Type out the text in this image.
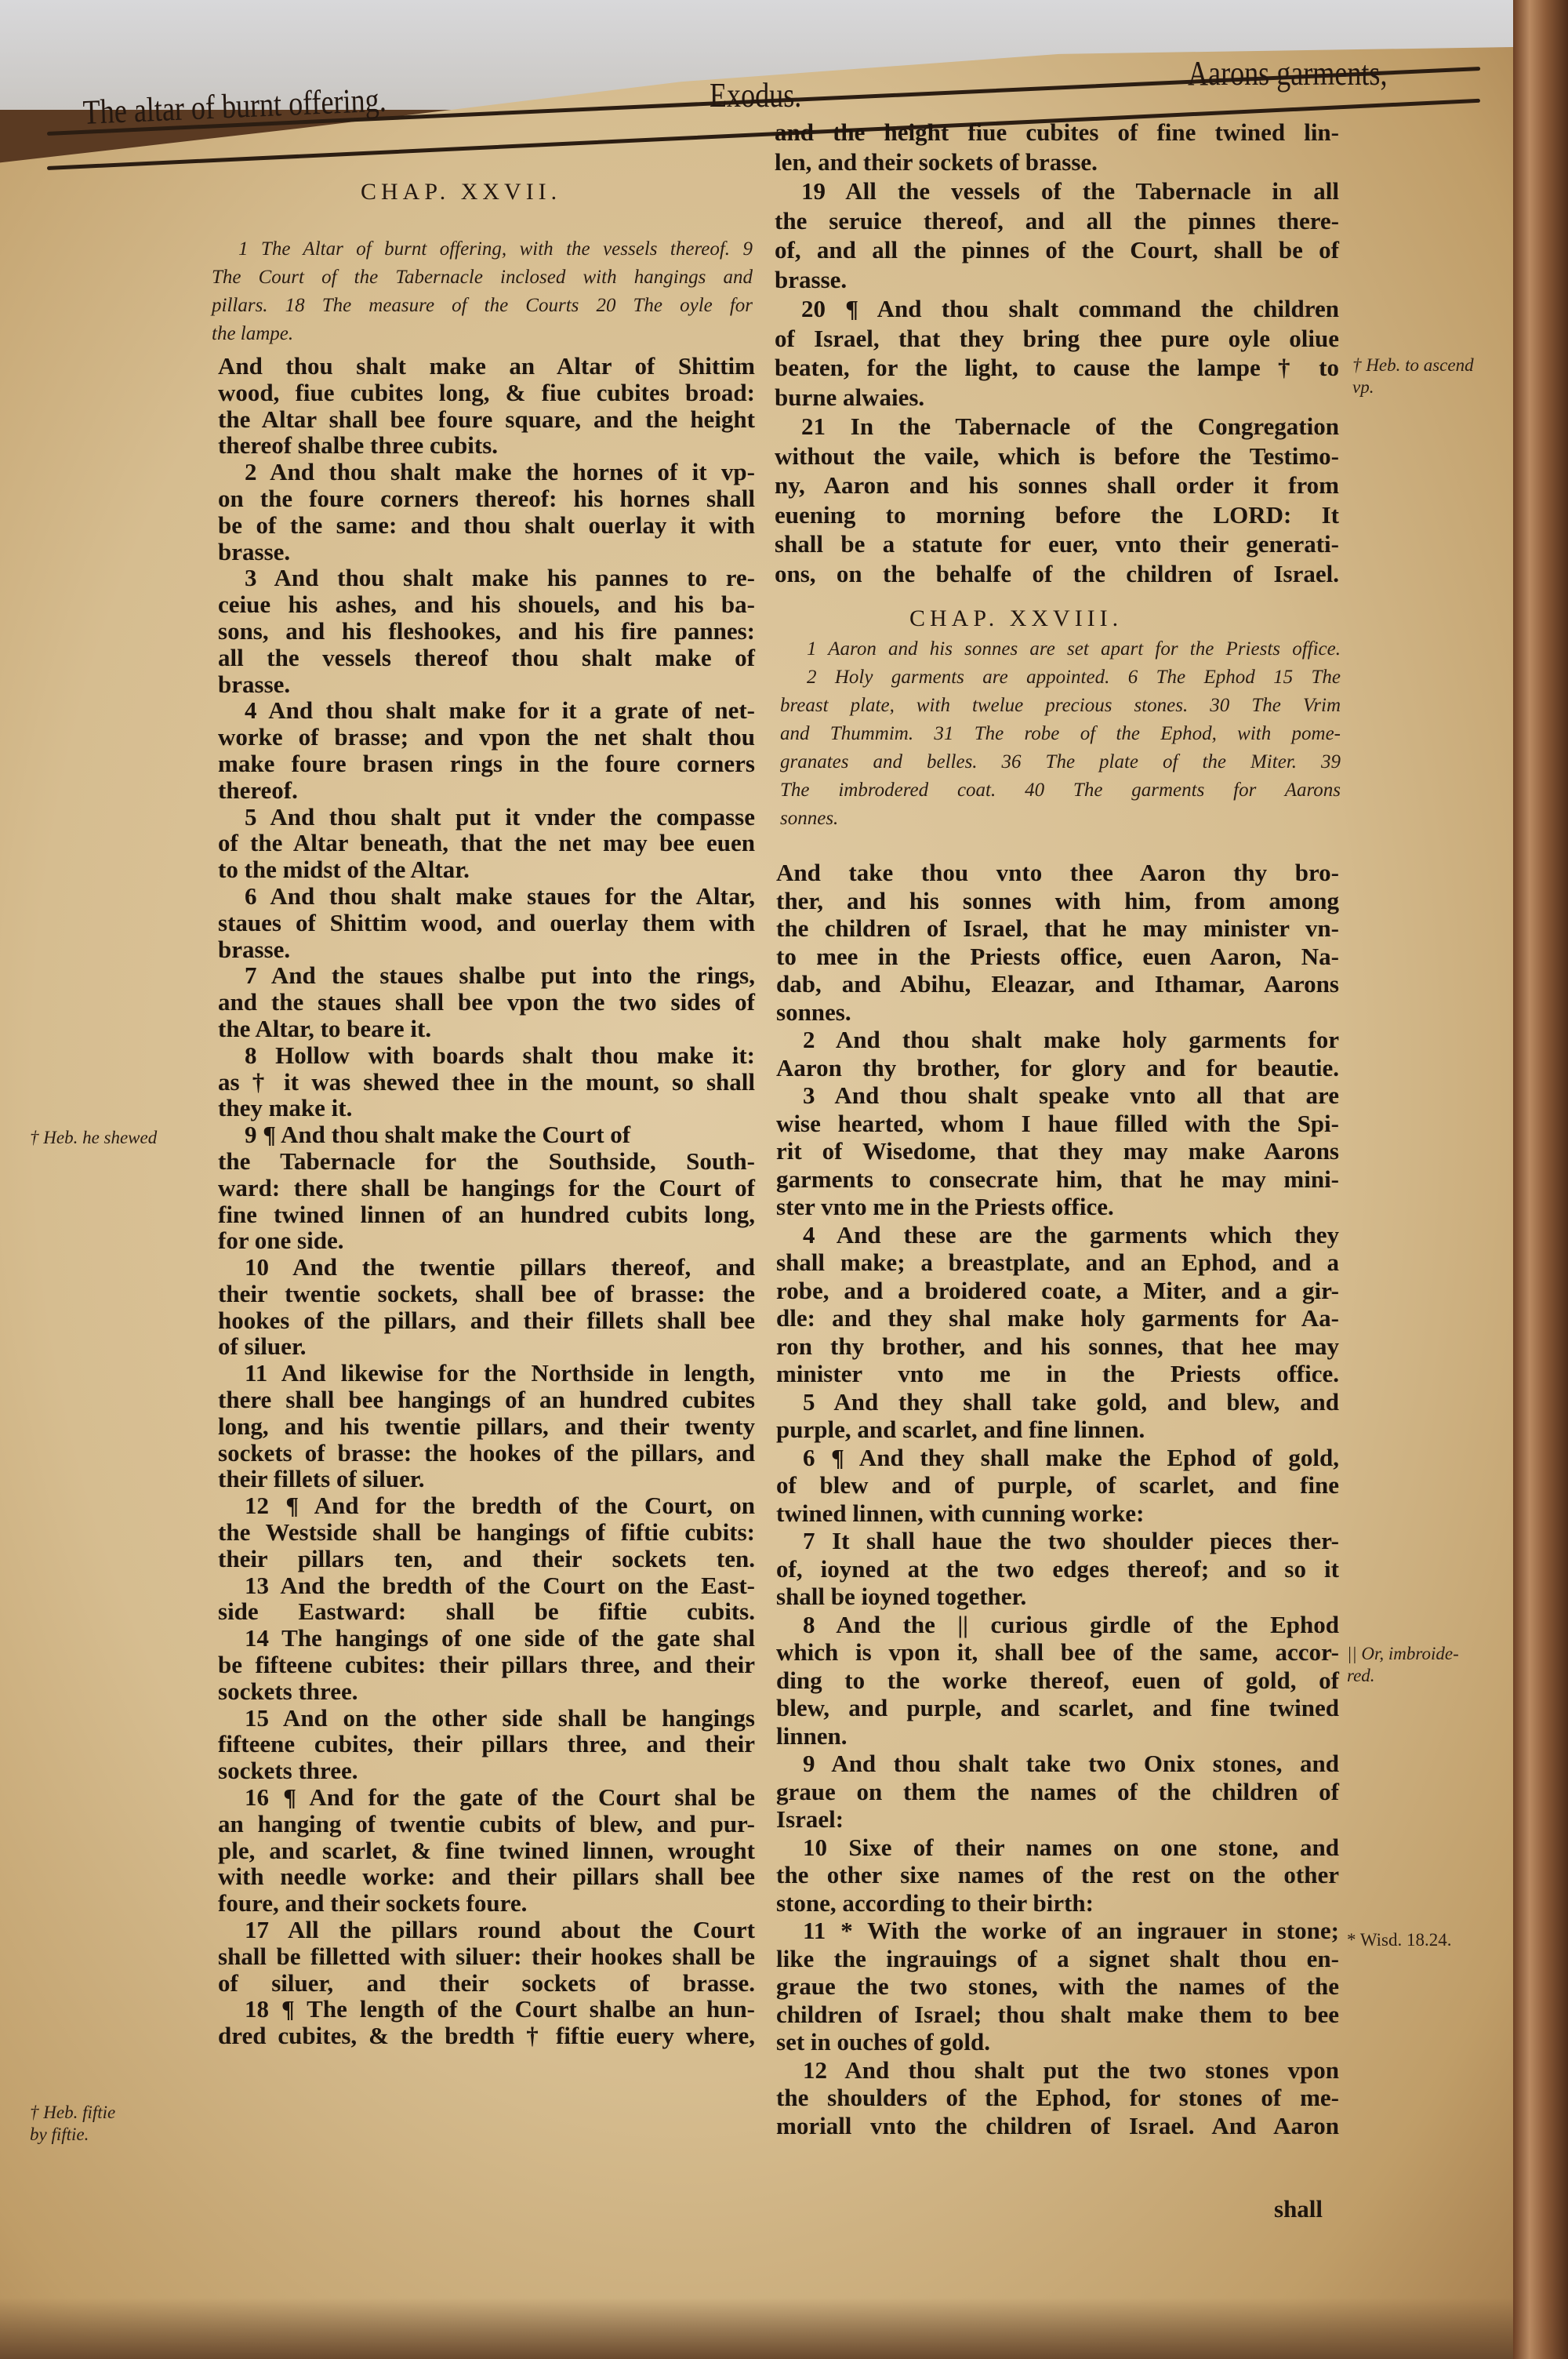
The altar of burnt offering.	Exodus.
Aarons garments,
CHAP. XXVII.
1 The Altar of burnt offering, with the vessels thereof. 9
The Court of the Tabernacle inclosed with hangings and
pillars. 18 The measure of the Courts 20 The oyle for
the lampe.
And thou shalt make an Altar of Shittim
wood, fiue cubites long, & fiue cubites broad:
the Altar shall bee foure square, and the height
thereof shalbe three cubits.
2 And thou shalt make the hornes of it vp-
on the foure corners thereof: his hornes shall
be of the same: and thou shalt ouerlay it with
brasse.
3 And thou shalt make his pannes to re-
ceiue his ashes, and his shouels, and his ba-
sons, and his fleshookes, and his fire pannes:
all the vessels thereof thou shalt make of
brasse.
4 And thou shalt make for it a grate of net-
worke of brasse; and vpon the net shalt thou
make foure brasen rings in the foure corners
thereof.
5 And thou shalt put it vnder the compasse
of the Altar beneath, that the net may bee euen
to the midst of the Altar.
6 And thou shalt make staues for the Altar,
staues of Shittim wood, and ouerlay them with
brasse.
7 And the staues shalbe put into the rings,
and the staues shall bee vpon the two sides of
the Altar, to beare it.
8 Hollow with boards shalt thou make it:
as † it was shewed thee in the mount, so shall
they make it.
9 ¶ And thou shalt make the Court of
the Tabernacle for the Southside, South-
ward: there shall be hangings for the Court of
fine twined linnen of an hundred cubits long,
for one side.
10 And the twentie pillars thereof, and
their twentie sockets, shall bee of brasse: the
hookes of the pillars, and their fillets shall bee
of siluer.
11 And likewise for the Northside in length,
there shall bee hangings of an hundred cubites
long, and his twentie pillars, and their twenty
sockets of brasse: the hookes of the pillars, and
their fillets of siluer.
12 ¶ And for the bredth of the Court, on
the Westside shall be hangings of fiftie cubits:
their pillars ten, and their sockets ten.
13 And the bredth of the Court on the East-
side Eastward: shall be fiftie cubits.
14 The hangings of one side of the gate shal
be fifteene cubites: their pillars three, and their
sockets three.
15 And on the other side shall be hangings
fifteene cubites, their pillars three, and their
sockets three.
16 ¶ And for the gate of the Court shal be
an hanging of twentie cubits of blew, and pur-
ple, and scarlet, & fine twined linnen, wrought
with needle worke: and their pillars shall bee
foure, and their sockets foure.
17 All the pillars round about the Court
shall be filletted with siluer: their hookes shall be
of siluer, and their sockets of brasse.
18 ¶ The length of the Court shalbe an hun-
dred cubites, & the bredth † fiftie euery where,
and the height fiue cubites of fine twined lin-
len, and their sockets of brasse.
19 All the vessels of the Tabernacle in all
the seruice thereof, and all the pinnes there-
of, and all the pinnes of the Court, shall be of
brasse.
20 ¶ And thou shalt command the children
of Israel, that they bring thee pure oyle oliue
beaten, for the light, to cause the lampe † to
burne alwaies.
21 In the Tabernacle of the Congregation
without the vaile, which is before the Testimo-
ny, Aaron and his sonnes shall order it from
euening to morning before the LORD: It
shall be a statute for euer, vnto their generati-
ons, on the behalfe of the children of Israel.
CHAP. XXVIII.
1 Aaron and his sonnes are set apart for the Priests office.
2 Holy garments are appointed. 6 The Ephod 15 The
breast plate, with twelue precious stones. 30 The Vrim
and Thummim. 31 The robe of the Ephod, with pome-
granates and belles. 36 The plate of the Miter. 39
The imbrodered coat. 40 The garments for Aarons
sonnes.
And take thou vnto thee Aaron thy bro-
ther, and his sonnes with him, from among
the children of Israel, that he may minister vn-
to mee in the Priests office, euen Aaron, Na-
dab, and Abihu, Eleazar, and Ithamar, Aarons
sonnes.
2 And thou shalt make holy garments for
Aaron thy brother, for glory and for beautie.
3 And thou shalt speake vnto all that are
wise hearted, whom I haue filled with the Spi-
rit of Wisedome, that they may make Aarons
garments to consecrate him, that he may mini-
ster vnto me in the Priests office.
4 And these are the garments which they
shall make; a breastplate, and an Ephod, and a
robe, and a broidered coate, a Miter, and a gir-
dle: and they shal make holy garments for Aa-
ron thy brother, and his sonnes, that hee may
minister vnto me in the Priests office.
5 And they shall take gold, and blew, and
purple, and scarlet, and fine linnen.
6 ¶ And they shall make the Ephod of gold,
of blew and of purple, of scarlet, and fine
twined linnen, with cunning worke:
7 It shall haue the two shoulder pieces ther-
of, ioyned at the two edges thereof; and so it
shall be ioyned together.
8 And the || curious girdle of the Ephod
which is vpon it, shall bee of the same, accor-
ding to the worke thereof, euen of gold, of
blew, and purple, and scarlet, and fine twined
linnen.
9 And thou shalt take two Onix stones, and
graue on them the names of the children of
Israel:
10 Sixe of their names on one stone, and
the other sixe names of the rest on the other
stone, according to their birth:
11 * With the worke of an ingrauer in stone;
like the ingrauings of a signet shalt thou en-
graue the two stones, with the names of the
children of Israel; thou shalt make them to bee
set in ouches of gold.
12 And thou shalt put the two stones vpon
the shoulders of the Ephod, for stones of me-
moriall vnto the children of Israel. And Aaron
shall
† Heb. he shewed
† Heb. fiftie by fiftie.
† Heb. to ascend vp.
|| Or, imbroide- red.
* Wisd. 18.24.
